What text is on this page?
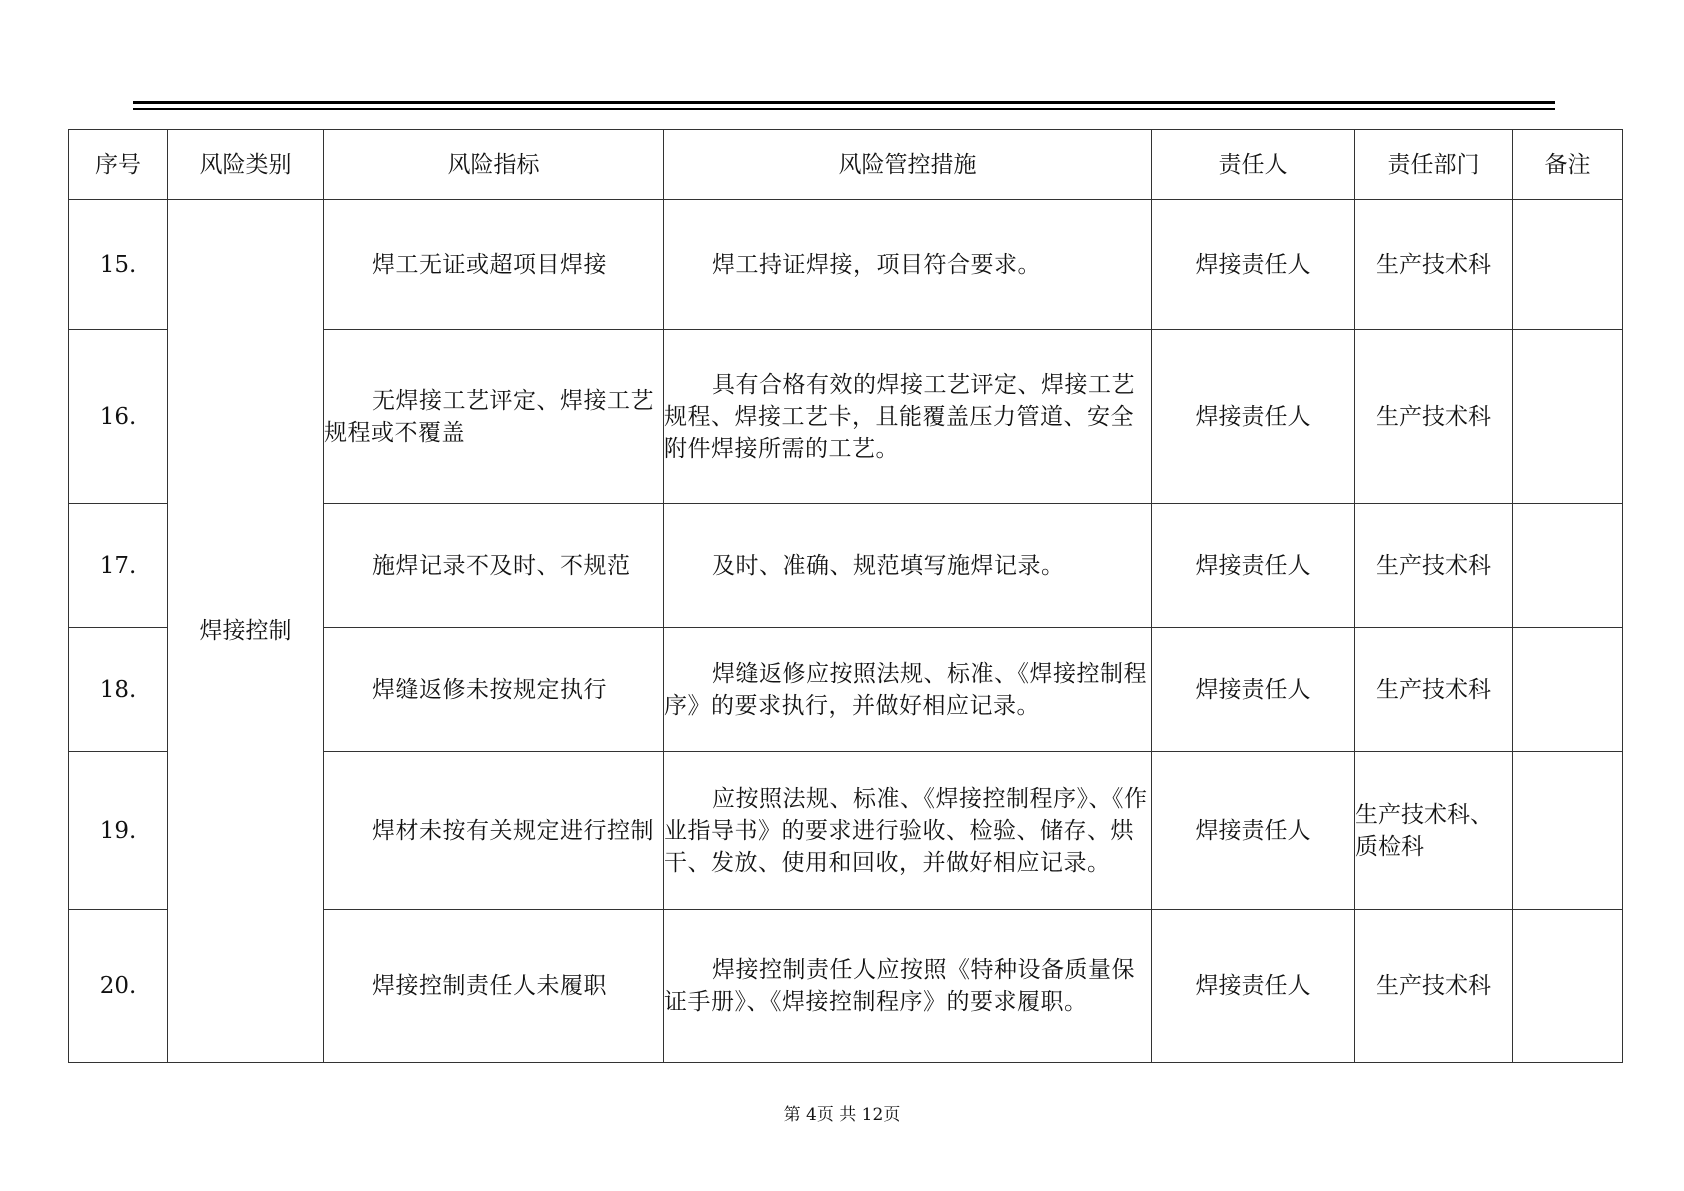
序号	风险类别	风险指标	风险管控措施	责任人	责任部门	备注
15.	焊接控制	焊工无证或超项目焊接	焊工持证焊接，项目符合要求。	焊接责任人	生产技术科	
16.		无焊接工艺评定、焊接工艺规程或不覆盖	具有合格有效的焊接工艺评定、焊接工艺规程、焊接工艺卡，且能覆盖压力管道、安全附件焊接所需的工艺。	焊接责任人	生产技术科	
17.		施焊记录不及时、不规范	及时、准确、规范填写施焊记录。	焊接责任人	生产技术科	
18.		焊缝返修未按规定执行	焊缝返修应按照法规、标准、《焊接控制程序》的要求执行，并做好相应记录。	焊接责任人	生产技术科	
19.		焊材未按有关规定进行控制	应按照法规、标准、《焊接控制程序》、《作业指导书》的要求进行验收、检验、储存、烘干、发放、使用和回收，并做好相应记录。	焊接责任人	生产技术科、质检科	
20.		焊接控制责任人未履职	焊接控制责任人应按照《特种设备质量保证手册》、《焊接控制程序》的要求履职。	焊接责任人	生产技术科	
第 4页 共 12页
